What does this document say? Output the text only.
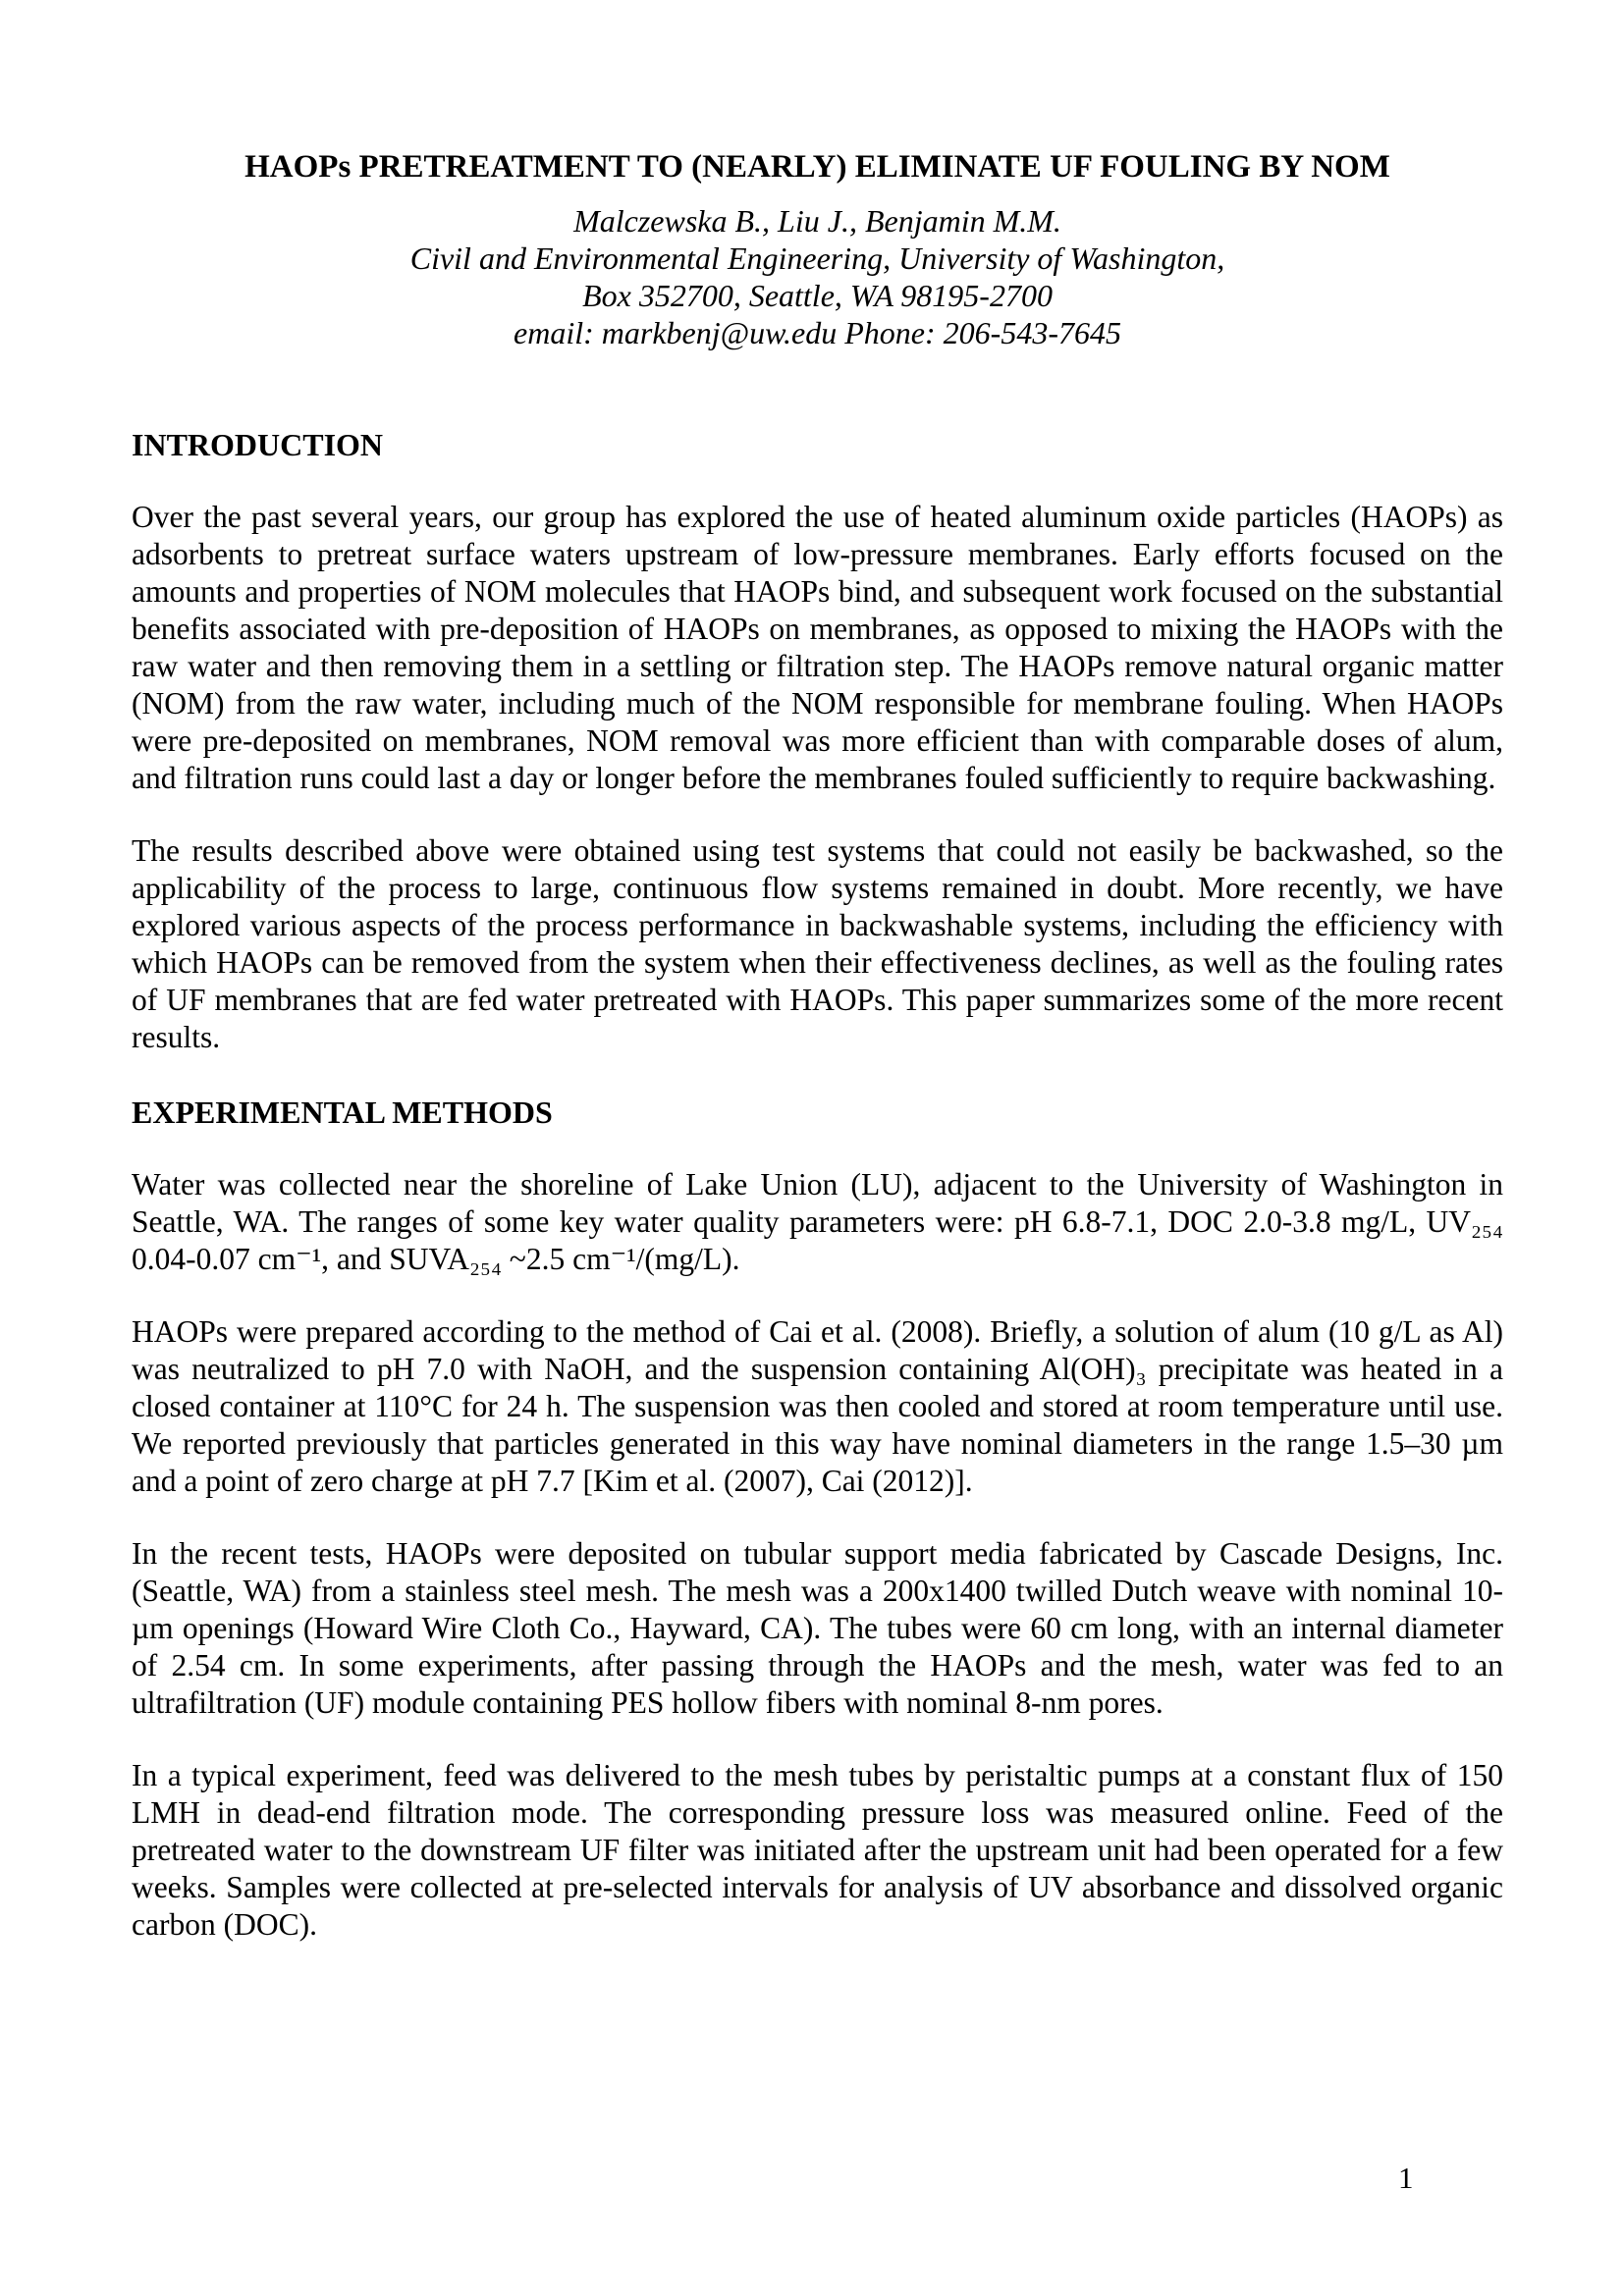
HAOPs PRETREATMENT TO (NEARLY) ELIMINATE UF FOULING BY NOM

Malczewska B., Liu J., Benjamin M.M.

Civil and Environmental Engineering, University of Washington,

Box 352700, Seattle, WA 98195-2700

email: markbenj@uw.edu Phone: 206-543-7645

INTRODUCTION

Over the past several years, our group has explored the use of heated aluminum oxide particles (HAOPs) as adsorbents to pretreat surface waters upstream of low-pressure membranes. Early efforts focused on the amounts and properties of NOM molecules that HAOPs bind, and subsequent work focused on the substantial benefits associated with pre-deposition of HAOPs on membranes, as opposed to mixing the HAOPs with the raw water and then removing them in a settling or filtration step. The HAOPs remove natural organic matter (NOM) from the raw water, including much of the NOM responsible for membrane fouling. When HAOPs were pre-deposited on membranes, NOM removal was more efficient than with comparable doses of alum, and filtration runs could last a day or longer before the membranes fouled sufficiently to require backwashing.

The results described above were obtained using test systems that could not easily be backwashed, so the applicability of the process to large, continuous flow systems remained in doubt. More recently, we have explored various aspects of the process performance in backwashable systems, including the efficiency with which HAOPs can be removed from the system when their effectiveness declines, as well as the fouling rates of UF membranes that are fed water pretreated with HAOPs. This paper summarizes some of the more recent results.

EXPERIMENTAL METHODS

Water was collected near the shoreline of Lake Union (LU), adjacent to the University of Washington in Seattle, WA. The ranges of some key water quality parameters were: pH 6.8-7.1, DOC 2.0-3.8 mg/L, UV₂₅₄ 0.04-0.07 cm⁻¹, and SUVA₂₅₄ ~2.5 cm⁻¹/(mg/L).

HAOPs were prepared according to the method of Cai et al. (2008). Briefly, a solution of alum (10 g/L as Al) was neutralized to pH 7.0 with NaOH, and the suspension containing Al(OH)₃ precipitate was heated in a closed container at 110°C for 24 h. The suspension was then cooled and stored at room temperature until use. We reported previously that particles generated in this way have nominal diameters in the range 1.5–30 µm and a point of zero charge at pH 7.7 [Kim et al. (2007), Cai (2012)].

In the recent tests, HAOPs were deposited on tubular support media fabricated by Cascade Designs, Inc. (Seattle, WA) from a stainless steel mesh. The mesh was a 200x1400 twilled Dutch weave with nominal 10-µm openings (Howard Wire Cloth Co., Hayward, CA). The tubes were 60 cm long, with an internal diameter of 2.54 cm. In some experiments, after passing through the HAOPs and the mesh, water was fed to an ultrafiltration (UF) module containing PES hollow fibers with nominal 8-nm pores.

In a typical experiment, feed was delivered to the mesh tubes by peristaltic pumps at a constant flux of 150 LMH in dead-end filtration mode. The corresponding pressure loss was measured online. Feed of the pretreated water to the downstream UF filter was initiated after the upstream unit had been operated for a few weeks. Samples were collected at pre-selected intervals for analysis of UV absorbance and dissolved organic carbon (DOC).

1
